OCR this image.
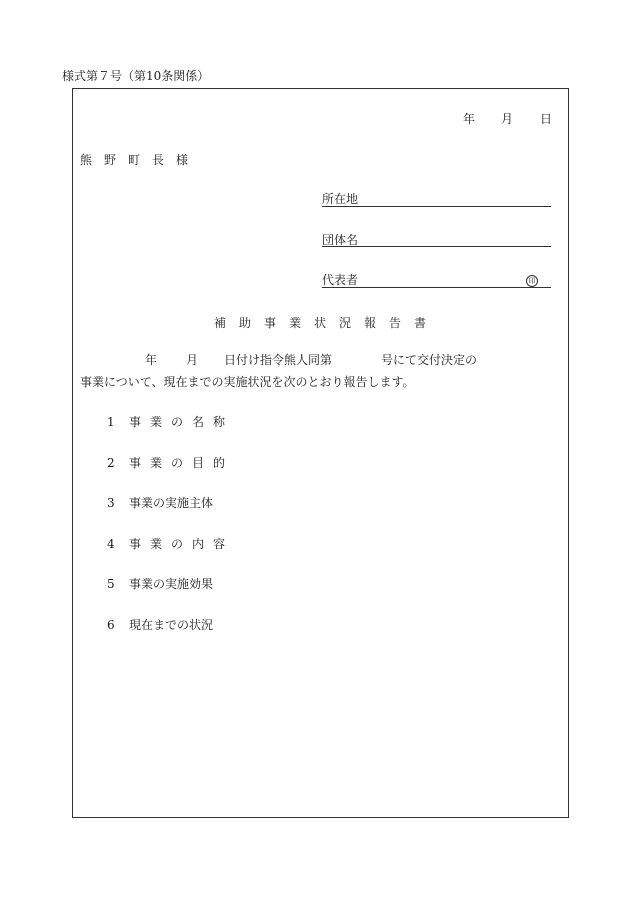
様式第７号（第10条関係）
年 月 日
熊野町長様
所在地
団体名
代表者	印
補助事業状況報告書
年 月 日付け指令熊人同第	号にて交付決定の
事業について、現在までの実施状況を次のとおり報告します。
1 事業の名称
2 事業の目的
3 事業の実施主体
4 事業の内容
5 事業の実施効果
6 現在までの状況
